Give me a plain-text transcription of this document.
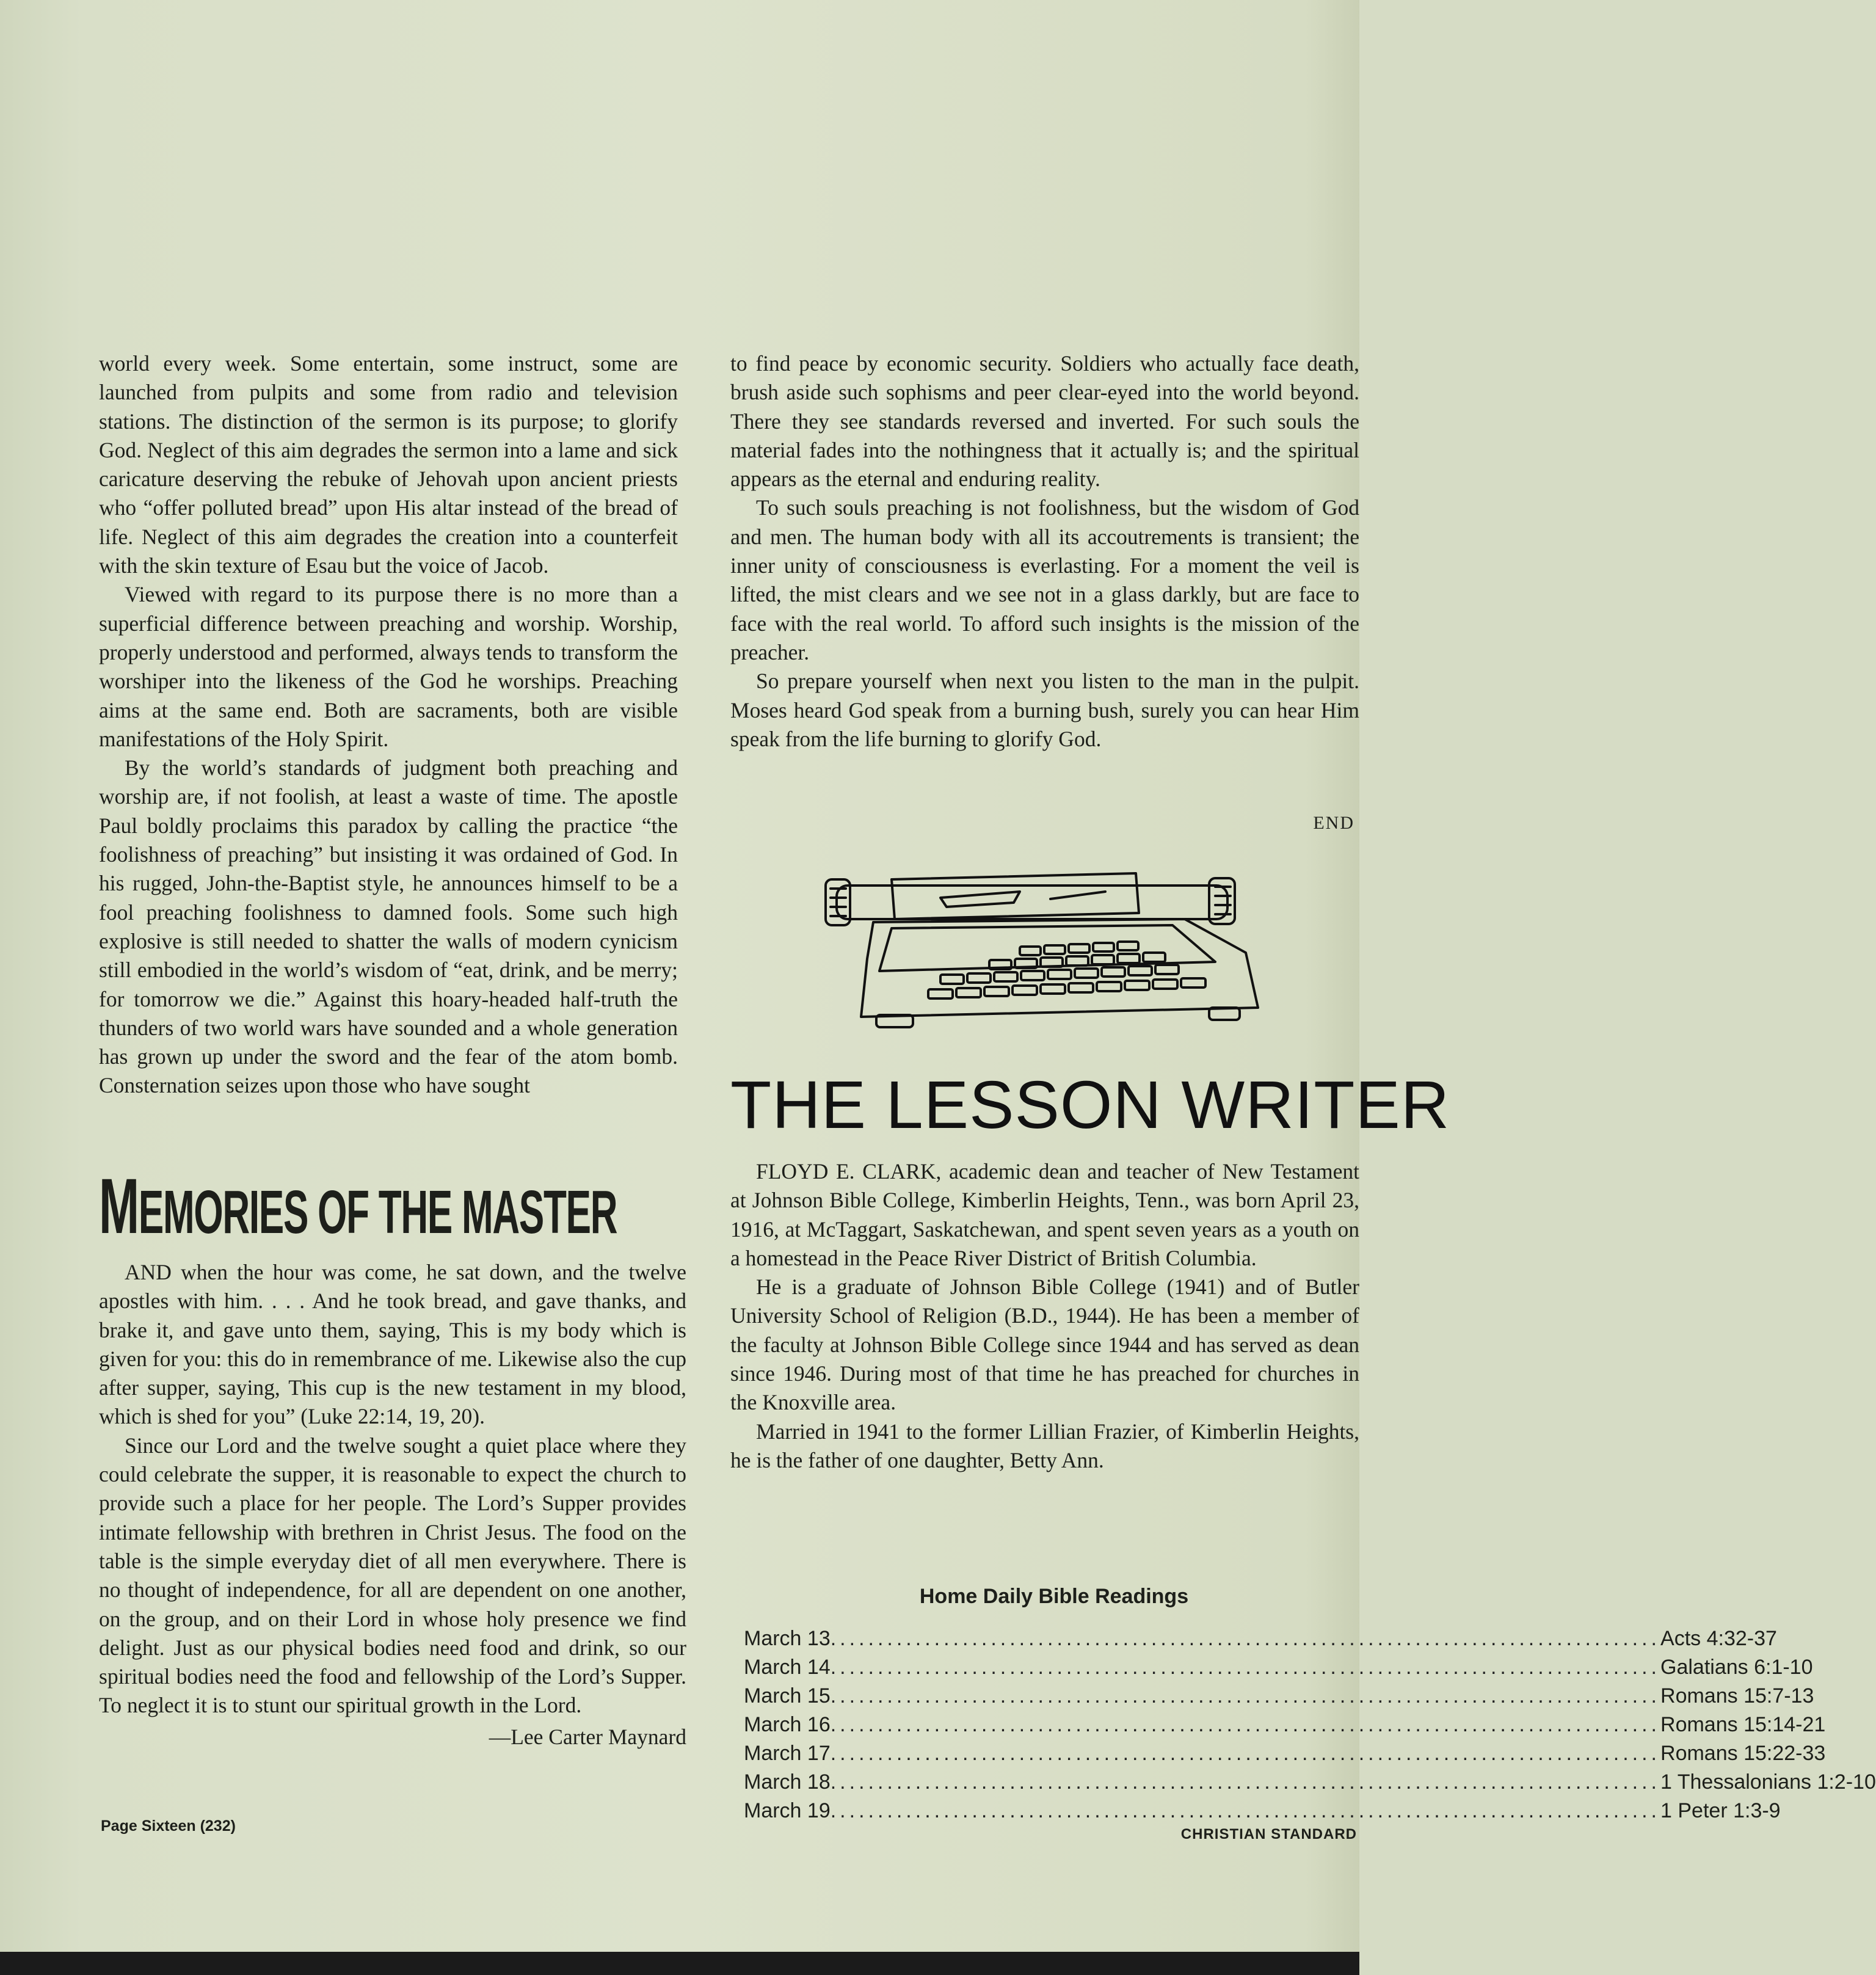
world every week. Some entertain, some instruct, some are launched from pulpits and some from radio and television stations. The distinction of the sermon is its purpose; to glorify God. Neglect of this aim degrades the sermon into a lame and sick caricature deserving the rebuke of Jehovah upon ancient priests who “offer polluted bread” upon His altar instead of the bread of life. Neglect of this aim degrades the creation into a counterfeit with the skin texture of Esau but the voice of Jacob.

Viewed with regard to its purpose there is no more than a superficial difference between preaching and worship. Worship, properly understood and performed, always tends to transform the worshiper into the likeness of the God he worships. Preaching aims at the same end. Both are sacraments, both are visible manifestations of the Holy Spirit.

By the world’s standards of judgment both preaching and worship are, if not foolish, at least a waste of time. The apostle Paul boldly proclaims this paradox by calling the practice “the foolishness of preaching” but insisting it was ordained of God. In his rugged, John-the-Baptist style, he announces himself to be a fool preaching foolishness to damned fools. Some such high explosive is still needed to shatter the walls of modern cynicism still embodied in the world’s wisdom of “eat, drink, and be merry; for tomorrow we die.” Against this hoary-headed half-truth the thunders of two world wars have sounded and a whole generation has grown up under the sword and the fear of the atom bomb. Consternation seizes upon those who have sought

to find peace by economic security. Soldiers who actually face death, brush aside such sophisms and peer clear-eyed into the world beyond. There they see standards reversed and inverted. For such souls the material fades into the nothingness that it actually is; and the spiritual appears as the eternal and enduring reality.

To such souls preaching is not foolishness, but the wisdom of God and men. The human body with all its accoutrements is transient; the inner unity of consciousness is everlasting. For a moment the veil is lifted, the mist clears and we see not in a glass darkly, but are face to face with the real world. To afford such insights is the mission of the preacher.

So prepare yourself when next you listen to the man in the pulpit. Moses heard God speak from a burning bush, surely you can hear Him speak from the life burning to glorify God.

END
MEMORIES OF THE MASTER

AND when the hour was come, he sat down, and the twelve apostles with him. . . . And he took bread, and gave thanks, and brake it, and gave unto them, saying, This is my body which is given for you: this do in remembrance of me. Likewise also the cup after supper, saying, This cup is the new testament in my blood, which is shed for you” (Luke 22:14, 19, 20).

Since our Lord and the twelve sought a quiet place where they could celebrate the supper, it is reasonable to expect the church to provide such a place for her people. The Lord’s Supper provides intimate fellowship with brethren in Christ Jesus. The food on the table is the simple everyday diet of all men everywhere. There is no thought of independence, for all are dependent on one another, on the group, and on their Lord in whose holy presence we find delight. Just as our physical bodies need food and drink, so our spiritual bodies need the food and fellowship of the Lord’s Supper. To neglect it is to stunt our spiritual growth in the Lord.

—Lee Carter Maynard
THE LESSON WRITER

FLOYD E. CLARK, academic dean and teacher of New Testament at Johnson Bible College, Kimberlin Heights, Tenn., was born April 23, 1916, at McTaggart, Saskatchewan, and spent seven years as a youth on a homestead in the Peace River District of British Columbia.

He is a graduate of Johnson Bible College (1941) and of Butler University School of Religion (B.D., 1944). He has been a member of the faculty at Johnson Bible College since 1944 and has served as dean since 1946. During most of that time he has preached for churches in the Knoxville area.

Married in 1941 to the former Lillian Frazier, of Kimberlin Heights, he is the father of one daughter, Betty Ann.

Home Daily Bible Readings
March 13 .....	Acts 4:32-37
March 14 .....	Galatians 6:1-10
March 15 .....	Romans 15:7-13
March 16 .....	Romans 15:14-21
March 17 .....	Romans 15:22-33
March 18 .....	1 Thessalonians 1:2-10
March 19 .....	1 Peter 1:3-9
Page Sixteen (232)	CHRISTIAN STANDARD
